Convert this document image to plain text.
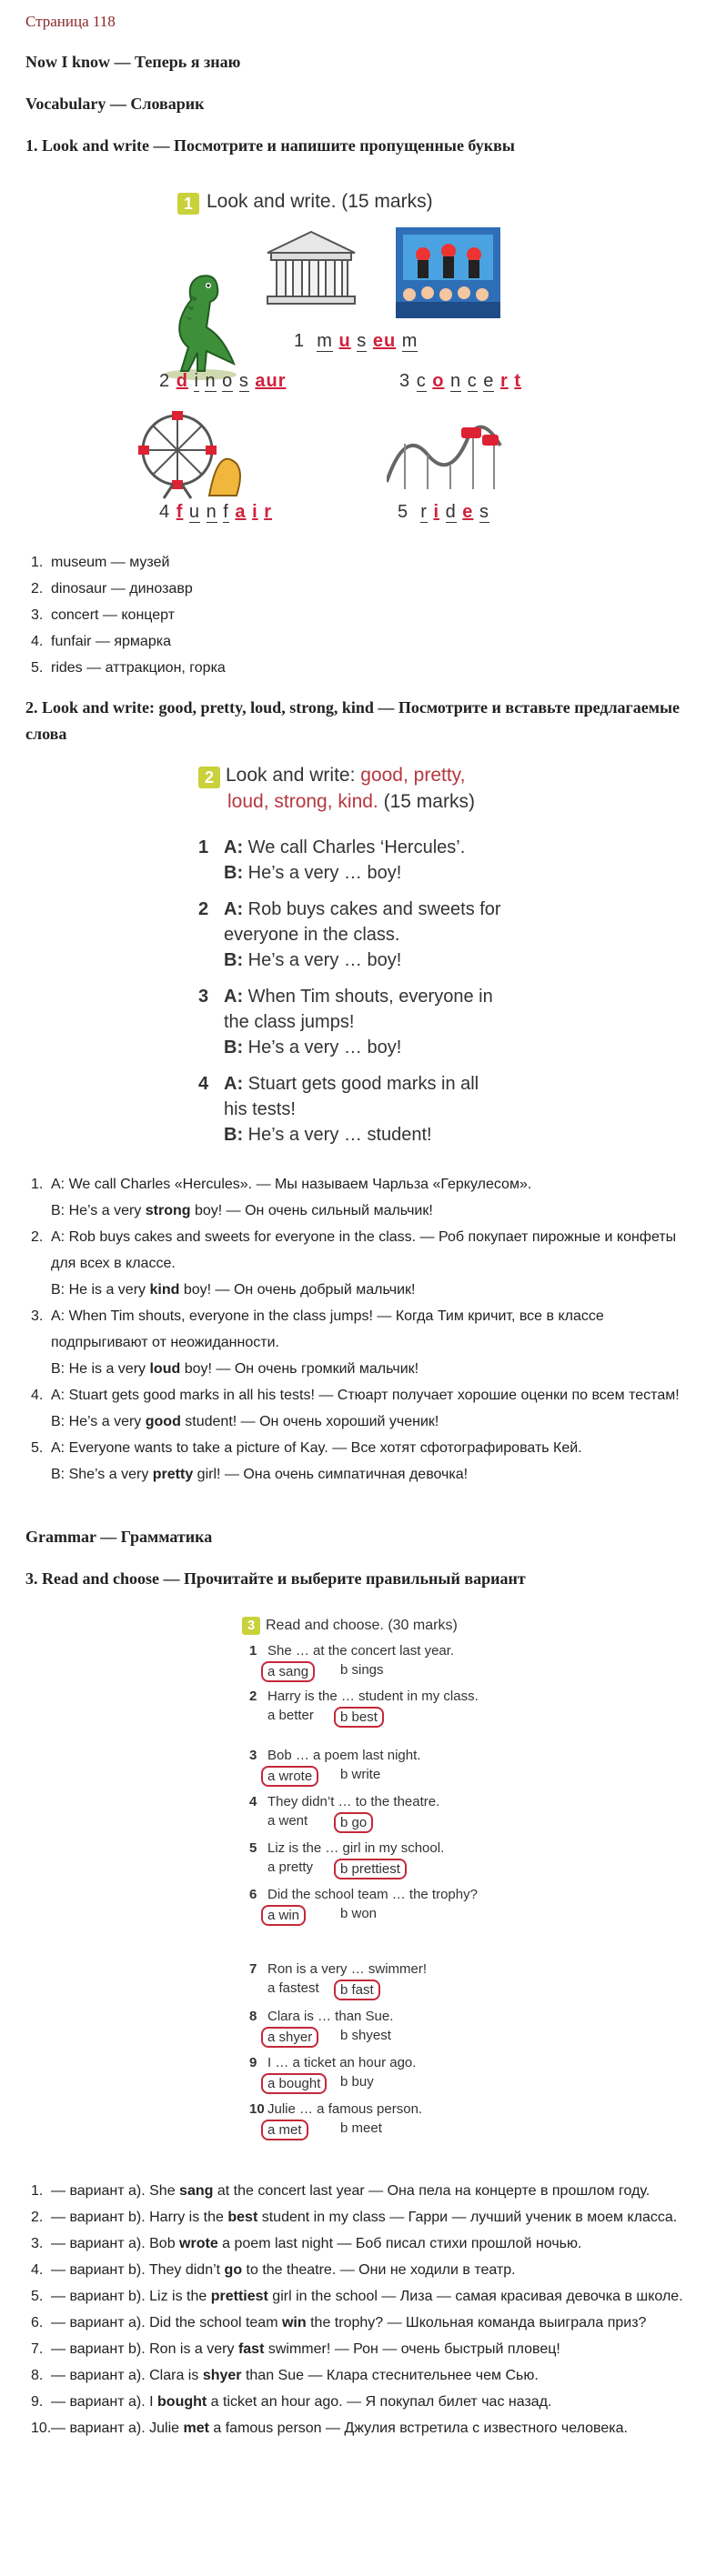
Страница 118
Now I know — Теперь я знаю
Vocabulary — Словарик
1. Look and write — Посмотрите и напишите пропущенные буквы
1 Look and write. (15 marks)
1 m u s eu m
2 d i n o s aur	3 c o n c e r t
4 f u n f a i r	5 r i d e s
1. museum — музей
2. dinosaur — динозавр
3. concert — концерт
4. funfair — ярмарка
5. rides — аттракцион, горка
2. Look and write: good, pretty, loud, strong, kind — Посмотрите и вставьте предлагаемые слова
2 Look and write: good, pretty,
loud, strong, kind. (15 marks)
1 A: We call Charles ‘Hercules’.
B: He’s a very … boy!
2 A: Rob buys cakes and sweets for everyone in the class.
B: He’s a very … boy!
3 A: When Tim shouts, everyone in the class jumps!
B: He’s a very … boy!
4 A: Stuart gets good marks in all his tests!
B: He’s a very … student!
1. A: We call Charles «Hercules». — Мы называем Чарльза «Геркулесом».
B: He’s a very strong boy! — Он очень сильный мальчик!
2. A: Rob buys cakes and sweets for everyone in the class. — Роб покупает пирожные и конфеты для всех в классе.
B: He is a very kind boy! — Он очень добрый мальчик!
3. A: When Tim shouts, everyone in the class jumps! — Когда Тим кричит, все в классе подпрыгивают от неожиданности.
B: He is a very loud boy! — Он очень громкий мальчик!
4. A: Stuart gets good marks in all his tests! — Стюарт получает хорошие оценки по всем тестам!
B: He’s a very good student! — Он очень хороший ученик!
5. A: Everyone wants to take a picture of Kay. — Все хотят сфотографировать Кей.
B: She’s a very pretty girl! — Она очень симпатичная девочка!
Grammar — Грамматика
3. Read and choose — Прочитайте и выберите правильный вариант
3 Read and choose. (30 marks)
1 She … at the concert last year.
a sang	b sings
2 Harry is the … student in my class.
a better	b best
3 Bob … a poem last night.
a wrote	b write
4 They didn’t … to the theatre.
a went	b go
5 Liz is the … girl in my school.
a pretty	b prettiest
6 Did the school team … the trophy?
a win	b won
7 Ron is a very … swimmer!
a fastest	b fast
8 Clara is … than Sue.
a shyer	b shyest
9 I … a ticket an hour ago.
a bought	b buy
10 Julie … a famous person.
a met	b meet
1. — вариант a). She sang at the concert last year — Она пела на концерте в прошлом году.
2. — вариант b). Harry is the best student in my class — Гарри — лучший ученик в моем класса.
3. — вариант a). Bob wrote a poem last night — Боб писал стихи прошлой ночью.
4. — вариант b). They didn’t go to the theatre. — Они не ходили в театр.
5. — вариант b). Liz is the prettiest girl in the school — Лиза — самая красивая девочка в школе.
6. — вариант a). Did the school team win the trophy? — Школьная команда выиграла приз?
7. — вариант b). Ron is a very fast swimmer! — Рон — очень быстрый пловец!
8. — вариант a). Clara is shyer than Sue — Клара стеснительнее чем Сью.
9. — вариант a). I bought a ticket an hour ago. — Я покупал билет час назад.
10. — вариант a). Julie met a famous person — Джулия встретила с известного человека.
